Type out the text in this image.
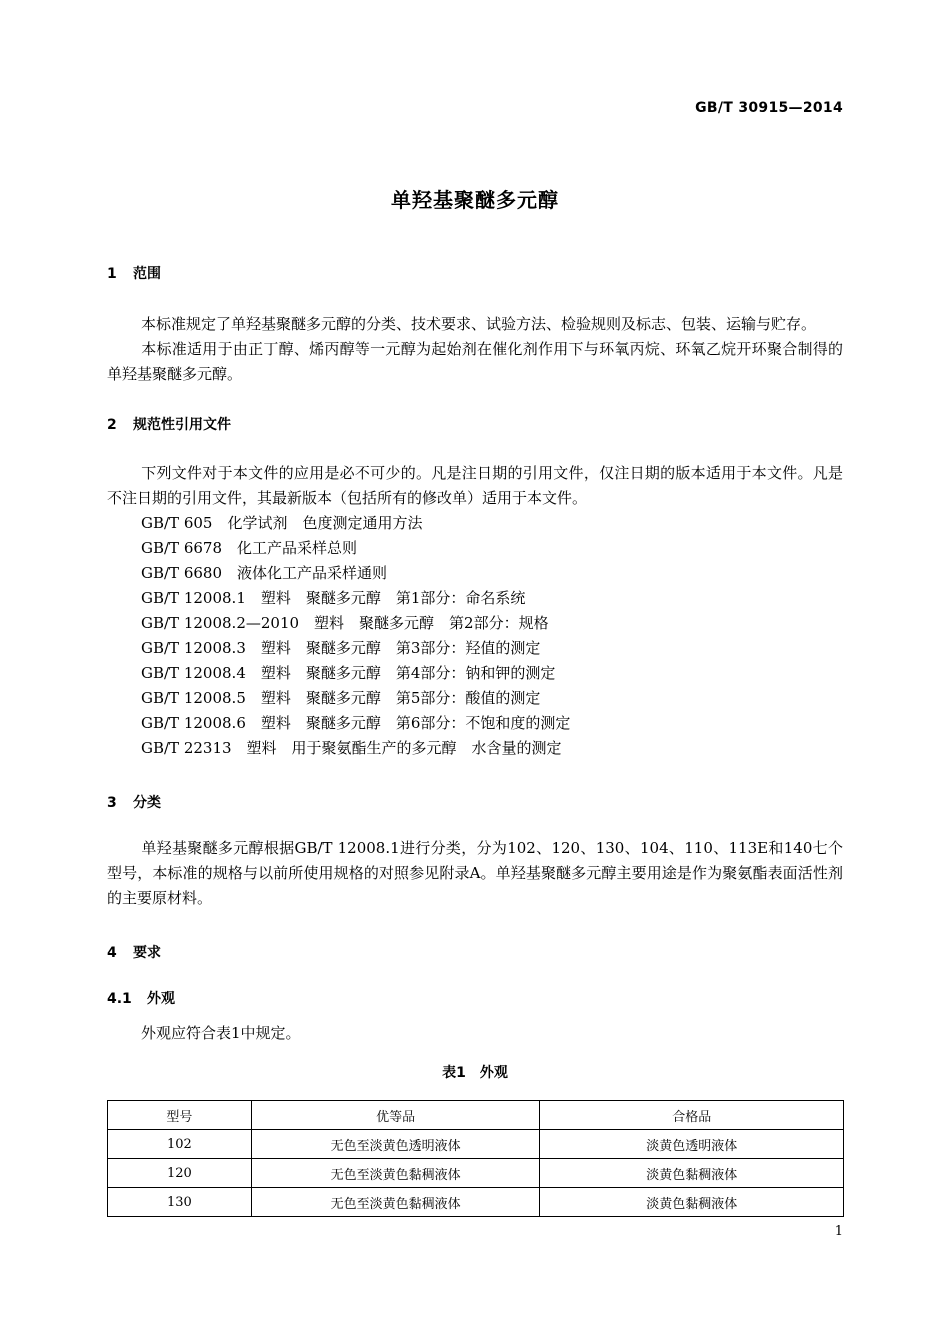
GB/T 30915—2014
单羟基聚醚多元醇
1 范围
本标准规定了单羟基聚醚多元醇的分类、技术要求、试验方法、检验规则及标志、包装、运输与贮存。
本标准适用于由正丁醇、烯丙醇等一元醇为起始剂在催化剂作用下与环氧丙烷、环氧乙烷开环聚合制得的单羟基聚醚多元醇。
2 规范性引用文件
下列文件对于本文件的应用是必不可少的。凡是注日期的引用文件，仅注日期的版本适用于本文件。凡是不注日期的引用文件，其最新版本（包括所有的修改单）适用于本文件。
GB/T 605　化学试剂　色度测定通用方法
GB/T 6678　化工产品采样总则
GB/T 6680　液体化工产品采样通则
GB/T 12008.1　塑料　聚醚多元醇　第1部分：命名系统
GB/T 12008.2—2010　塑料　聚醚多元醇　第2部分：规格
GB/T 12008.3　塑料　聚醚多元醇　第3部分：羟值的测定
GB/T 12008.4　塑料　聚醚多元醇　第4部分：钠和钾的测定
GB/T 12008.5　塑料　聚醚多元醇　第5部分：酸值的测定
GB/T 12008.6　塑料　聚醚多元醇　第6部分：不饱和度的测定
GB/T 22313　塑料　用于聚氨酯生产的多元醇　水含量的测定
3 分类
单羟基聚醚多元醇根据GB/T 12008.1进行分类，分为102、120、130、104、110、113E和140七个型号，本标准的规格与以前所使用规格的对照参见附录A。单羟基聚醚多元醇主要用途是作为聚氨酯表面活性剂的主要原材料。
4 要求
4.1 外观
外观应符合表1中规定。
表1　外观
型号	优等品	合格品
102	无色至淡黄色透明液体	淡黄色透明液体
120	无色至淡黄色黏稠液体	淡黄色黏稠液体
130	无色至淡黄色黏稠液体	淡黄色黏稠液体
1
